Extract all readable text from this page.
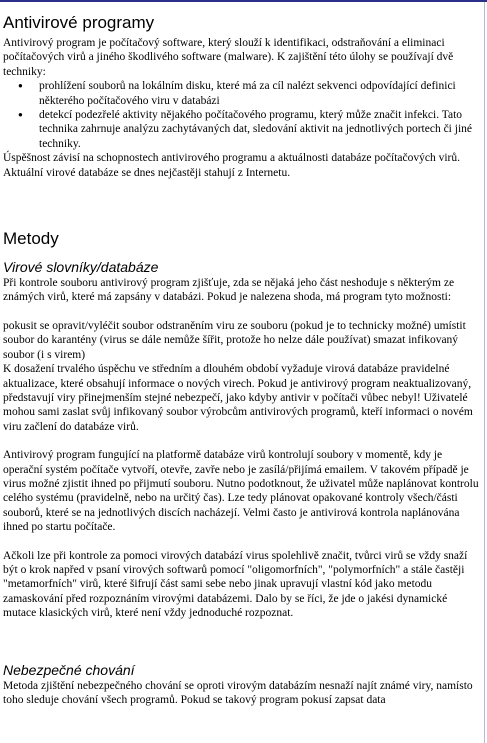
Antivirové programy

Antivirový program je počítačový software, který slouží k identifikaci, odstraňování a eliminaci počítačových virů a jiného škodlivého software (malware). K zajištění této úlohy se používají dvě techniky:

● prohlížení souborů na lokálním disku, které má za cíl nalézt sekvenci odpovídající definici některého počítačového viru v databázi
● detekcí podezřelé aktivity nějakého počítačového programu, který může značit infekci. Tato technika zahrnuje analýzu zachytávaných dat, sledování aktivit na jednotlivých portech či jiné techniky.

Úspěšnost závisí na schopnostech antivirového programu a aktuálnosti databáze počítačových virů. Aktuální virové databáze se dnes nejčastěji stahují z Internetu.

Metody
Virové slovníky/databáze

Při kontrole souboru antivirový program zjišťuje, zda se nějaká jeho část neshoduje s některým ze známých virů, které má zapsány v databázi. Pokud je nalezena shoda, má program tyto možnosti:

pokusit se opravit/vyléčit soubor odstraněním viru ze souboru (pokud je to technicky možné) umístit soubor do karantény (virus se dále nemůže šířit, protože ho nelze dále používat) smazat infikovaný soubor (i s virem)

K dosažení trvalého úspěchu ve středním a dlouhém období vyžaduje virová databáze pravidelné aktualizace, které obsahují informace o nových virech. Pokud je antivirový program neaktualizovaný, představují viry přinejmenším stejné nebezpečí, jako kdyby antivir v počítači vůbec nebyl! Uživatelé mohou sami zaslat svůj infikovaný soubor výrobcům antivirových programů, kteří informaci o novém viru začlení do databáze virů.

Antivirový program fungující na platformě databáze virů kontrolují soubory v momentě, kdy je operační systém počítače vytvoří, otevře, zavře nebo je zasílá/přijímá emailem. V takovém případě je virus možné zjistit ihned po přijmutí souboru. Nutno podotknout, že uživatel může naplánovat kontrolu celého systému (pravidelně, nebo na určitý čas). Lze tedy plánovat opakované kontroly všech/části souborů, které se na jednotlivých discích nacházejí. Velmi často je antivirová kontrola naplánována ihned po startu počítače.

Ačkoli lze při kontrole za pomoci virových databází virus spolehlivě značit, tvůrci virů se vždy snaží být o krok napřed v psaní virových softwarů pomocí "oligomorfních", "polymorfních" a stále častěji "metamorfních" virů, které šifrují část sami sebe nebo jinak upravují vlastní kód jako metodu zamaskování před rozpoznáním virovými databázemi. Dalo by se říci, že jde o jakési dynamické mutace klasických virů, které není vždy jednoduché rozpoznat.

Nebezpečné chování

Metoda zjištění nebezpečného chování se oproti virovým databázím nesnaží najít známé viry, namísto toho sleduje chování všech programů. Pokud se takový program pokusí zapsat data
